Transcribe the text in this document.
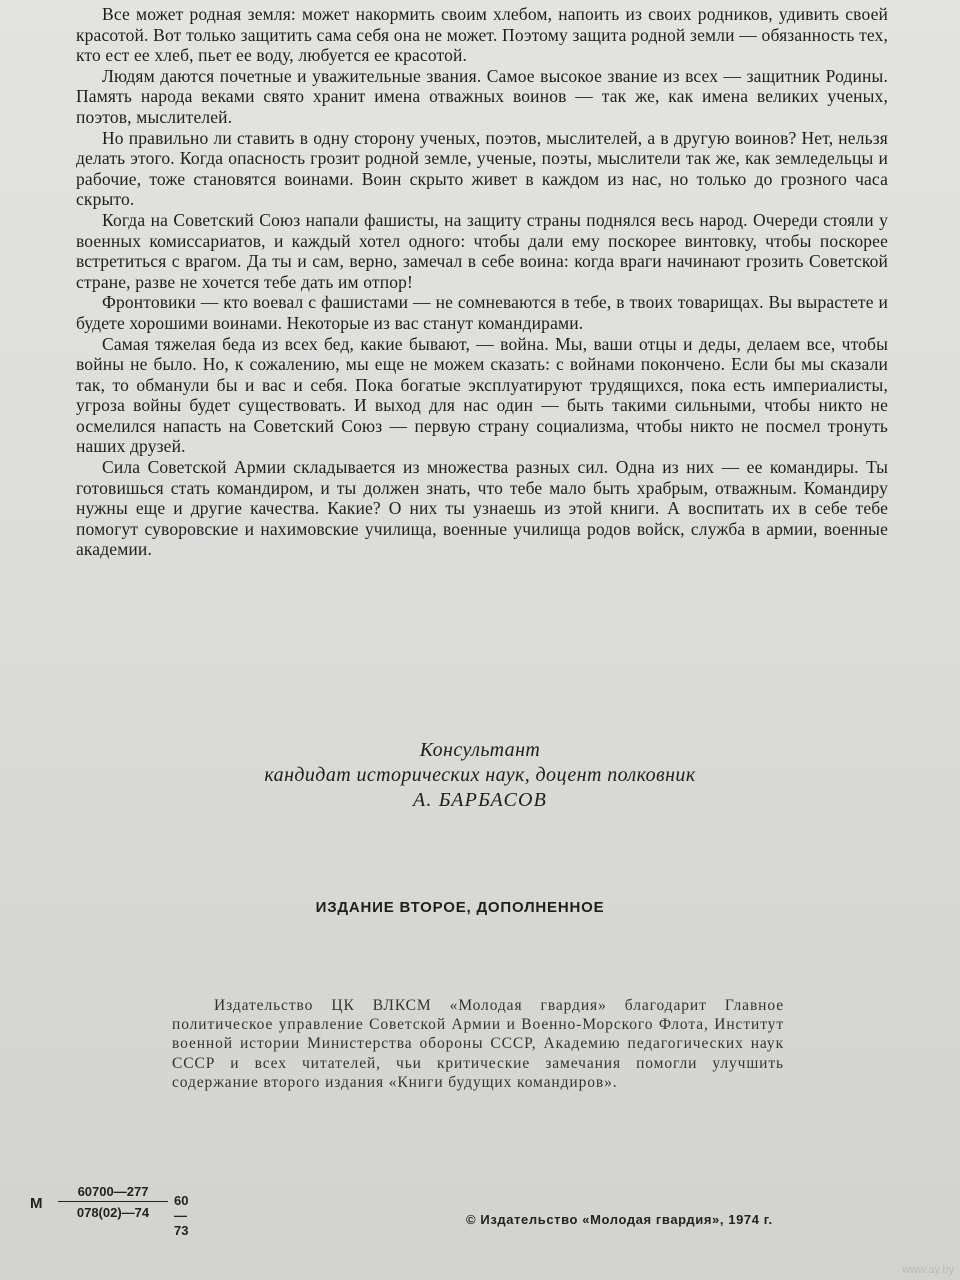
Все может родная земля: может накормить своим хлебом, напоить из своих родников, удивить своей красотой. Вот только защитить сама себя она не может. Поэтому защита родной земли — обязанность тех, кто ест ее хлеб, пьет ее воду, любуется ее красотой.

Людям даются почетные и уважительные звания. Самое высокое звание из всех — защитник Родины. Память народа веками свято хранит имена отважных воинов — так же, как имена великих ученых, поэтов, мыслителей.

Но правильно ли ставить в одну сторону ученых, поэтов, мыслителей, а в другую воинов? Нет, нельзя делать этого. Когда опасность грозит родной земле, ученые, поэты, мыслители так же, как земледельцы и рабочие, тоже становятся воинами. Воин скрыто живет в каждом из нас, но только до грозного часа скрыто.

Когда на Советский Союз напали фашисты, на защиту страны поднялся весь народ. Очереди стояли у военных комиссариатов, и каждый хотел одного: чтобы дали ему поскорее винтовку, чтобы поскорее встретиться с врагом. Да ты и сам, верно, замечал в себе воина: когда враги начинают грозить Советской стране, разве не хочется тебе дать им отпор!

Фронтовики — кто воевал с фашистами — не сомневаются в тебе, в твоих товарищах. Вы вырастете и будете хорошими воинами. Некоторые из вас станут командирами.

Самая тяжелая беда из всех бед, какие бывают, — война. Мы, ваши отцы и деды, делаем все, чтобы войны не было. Но, к сожалению, мы еще не можем сказать: с войнами покончено. Если бы мы сказали так, то обманули бы и вас и себя. Пока богатые эксплуатируют трудящихся, пока есть империалисты, угроза войны будет существовать. И выход для нас один — быть такими сильными, чтобы никто не осмелился напасть на Советский Союз — первую страну социализма, чтобы никто не посмел тронуть наших друзей.

Сила Советской Армии складывается из множества разных сил. Одна из них — ее командиры. Ты готовишься стать командиром, и ты должен знать, что тебе мало быть храбрым, отважным. Командиру нужны еще и другие качества. Какие? О них ты узнаешь из этой книги. А воспитать их в себе тебе помогут суворовские и нахимовские училища, военные училища родов войск, служба в армии, военные академии.

Консультант
кандидат исторических наук, доцент полковник
А. БАРБАСОВ
ИЗДАНИЕ ВТОРОЕ, ДОПОЛНЕННОЕ

Издательство ЦК ВЛКСМ «Молодая гвардия» благодарит Главное политическое управление Советской Армии и Военно-Морского Флота, Институт военной истории Министерства обороны СССР, Академию педагогических наук СССР и всех читателей, чьи критические замечания помогли улучшить содержание второго издания «Книги будущих командиров».

М $\frac{60700—277}{078(02)—74}$ 60—73
© Издательство «Молодая гвардия», 1974 г.
www.ay.by
